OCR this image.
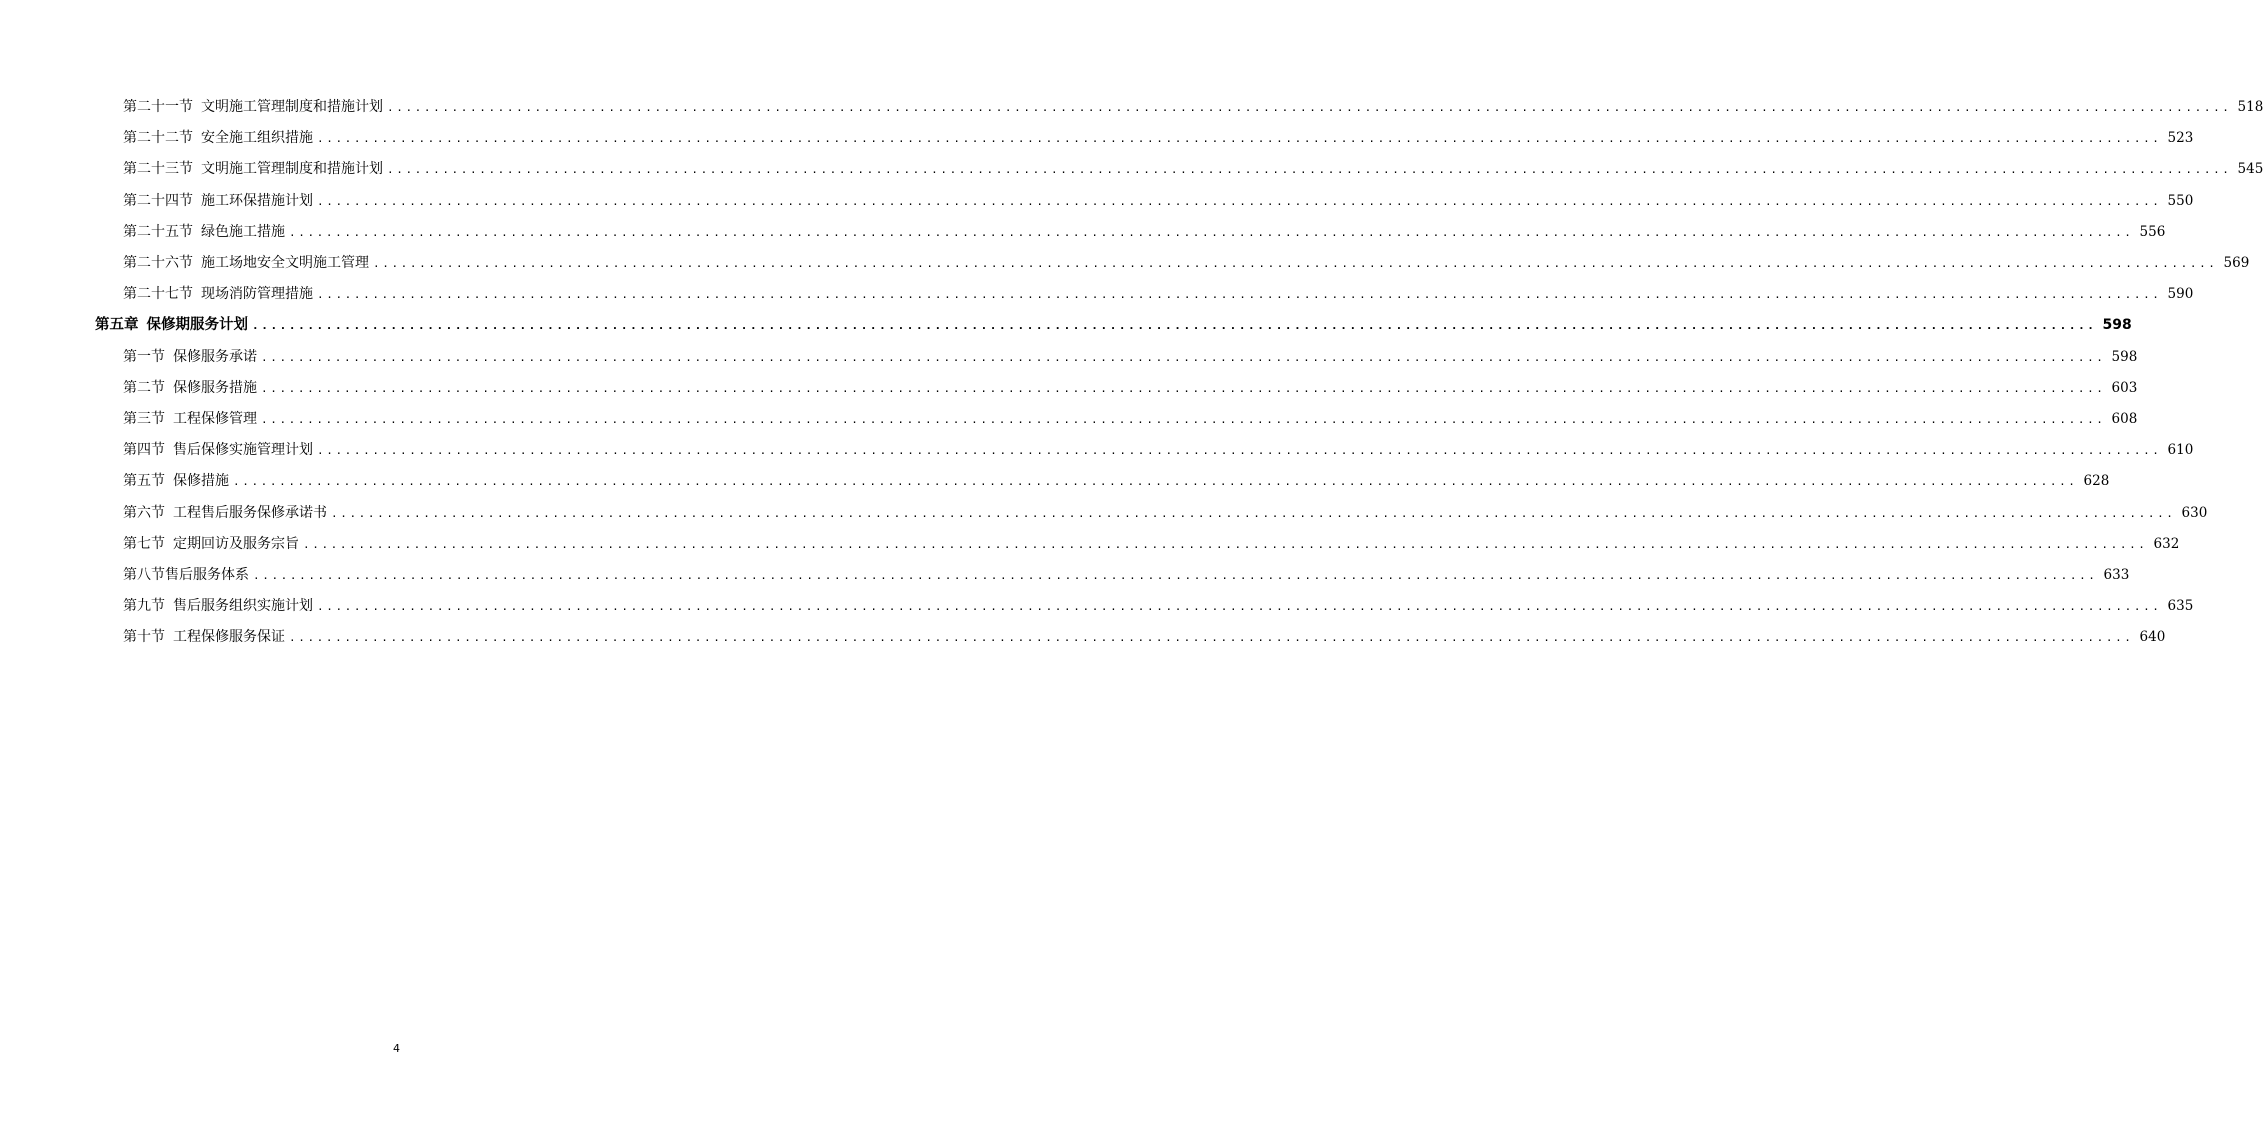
第二十一节 文明施工管理制度和措施计划 ........................................................................................................................................................................................................ 518
第二十二节 安全施工组织措施 ........................................................................................................................................................................................................ 523
第二十三节 文明施工管理制度和措施计划 ........................................................................................................................................................................................................ 545
第二十四节 施工环保措施计划 ........................................................................................................................................................................................................ 550
第二十五节 绿色施工措施 ........................................................................................................................................................................................................ 556
第二十六节 施工场地安全文明施工管理 ........................................................................................................................................................................................................ 569
第二十七节 现场消防管理措施 ........................................................................................................................................................................................................ 590
第五章 保修期服务计划 ........................................................................................................................................................................................................ 598
第一节 保修服务承诺 ........................................................................................................................................................................................................ 598
第二节 保修服务措施 ........................................................................................................................................................................................................ 603
第三节 工程保修管理 ........................................................................................................................................................................................................ 608
第四节 售后保修实施管理计划 ........................................................................................................................................................................................................ 610
第五节 保修措施 ........................................................................................................................................................................................................ 628
第六节 工程售后服务保修承诺书 ........................................................................................................................................................................................................ 630
第七节 定期回访及服务宗旨 ........................................................................................................................................................................................................ 632
第八节售后服务体系 ........................................................................................................................................................................................................ 633
第九节 售后服务组织实施计划 ........................................................................................................................................................................................................ 635
第十节 工程保修服务保证 ........................................................................................................................................................................................................ 640
4
